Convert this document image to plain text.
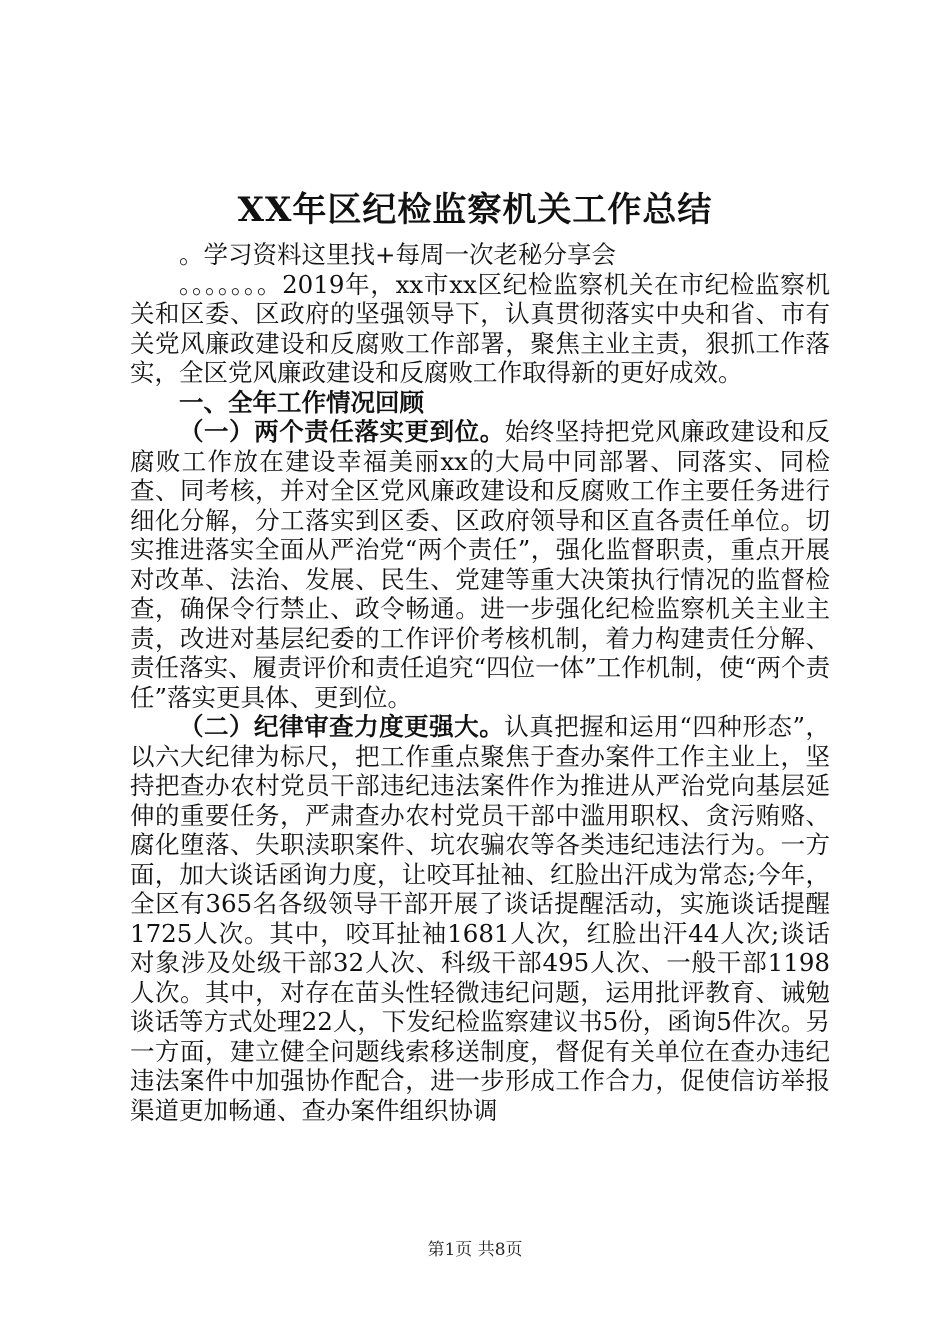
XX年区纪检监察机关工作总结

。学习资料这里找+每周一次老秘分享会

。。。。。。。2019年，xx市xx区纪检监察机关在市纪检监察机关和区委、区政府的坚强领导下，认真贯彻落实中央和省、市有关党风廉政建设和反腐败工作部署，聚焦主业主责，狠抓工作落实，全区党风廉政建设和反腐败工作取得新的更好成效。

一、全年工作情况回顾

（一）两个责任落实更到位。始终坚持把党风廉政建设和反腐败工作放在建设幸福美丽xx的大局中同部署、同落实、同检查、同考核，并对全区党风廉政建设和反腐败工作主要任务进行细化分解，分工落实到区委、区政府领导和区直各责任单位。切实推进落实全面从严治党“两个责任”，强化监督职责，重点开展对改革、法治、发展、民生、党建等重大决策执行情况的监督检查，确保令行禁止、政令畅通。进一步强化纪检监察机关主业主责，改进对基层纪委的工作评价考核机制，着力构建责任分解、责任落实、履责评价和责任追究“四位一体”工作机制，使“两个责任”落实更具体、更到位。

（二）纪律审查力度更强大。认真把握和运用“四种形态”，以六大纪律为标尺，把工作重点聚焦于查办案件工作主业上，坚持把查办农村党员干部违纪违法案件作为推进从严治党向基层延伸的重要任务，严肃查办农村党员干部中滥用职权、贪污贿赂、腐化堕落、失职渎职案件、坑农骗农等各类违纪违法行为。一方面，加大谈话函询力度，让咬耳扯袖、红脸出汗成为常态;今年，全区有365名各级领导干部开展了谈话提醒活动，实施谈话提醒1725人次。其中，咬耳扯袖1681人次，红脸出汗44人次;谈话对象涉及处级干部32人次、科级干部495人次、一般干部1198人次。其中，对存在苗头性轻微违纪问题，运用批评教育、诫勉谈话等方式处理22人，下发纪检监察建议书5份，函询5件次。另一方面，建立健全问题线索移送制度，督促有关单位在查办违纪违法案件中加强协作配合，进一步形成工作合力，促使信访举报渠道更加畅通、查办案件组织协调

第1页 共8页
